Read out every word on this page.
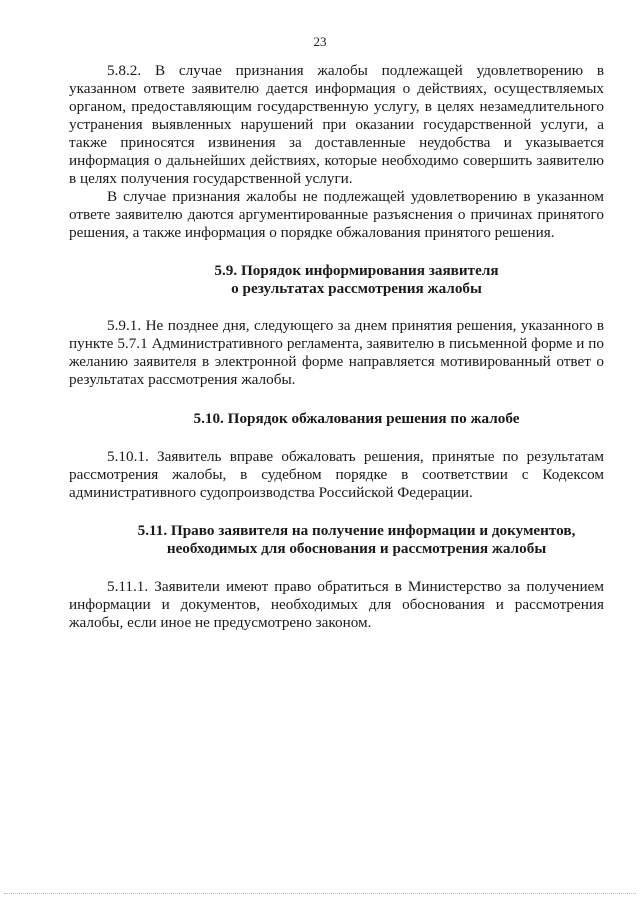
23

5.8.2. В случае признания жалобы подлежащей удовлетворению в указанном ответе заявителю дается информация о действиях, осуществляемых органом, предоставляющим государственную услугу, в целях незамедлительного устранения выявленных нарушений при оказании государственной услуги, а также приносятся извинения за доставленные неудобства и указывается информация о дальнейших действиях, которые необходимо совершить заявителю в целях получения государственной услуги.

В случае признания жалобы не подлежащей удовлетворению в указанном ответе заявителю даются аргументированные разъяснения о причинах принятого решения, а также информация о порядке обжалования принятого решения.

5.9. Порядок информирования заявителя
о результатах рассмотрения жалобы

5.9.1. Не позднее дня, следующего за днем принятия решения, указанного в пункте 5.7.1 Административного регламента, заявителю в письменной форме и по желанию заявителя в электронной форме направляется мотивированный ответ о результатах рассмотрения жалобы.

5.10. Порядок обжалования решения по жалобе

5.10.1. Заявитель вправе обжаловать решения, принятые по результатам рассмотрения жалобы, в судебном порядке в соответствии с Кодексом административного судопроизводства Российской Федерации.

5.11. Право заявителя на получение информации и документов,
необходимых для обоснования и рассмотрения жалобы

5.11.1. Заявители имеют право обратиться в Министерство за получением информации и документов, необходимых для обоснования и рассмотрения жалобы, если иное не предусмотрено законом.
